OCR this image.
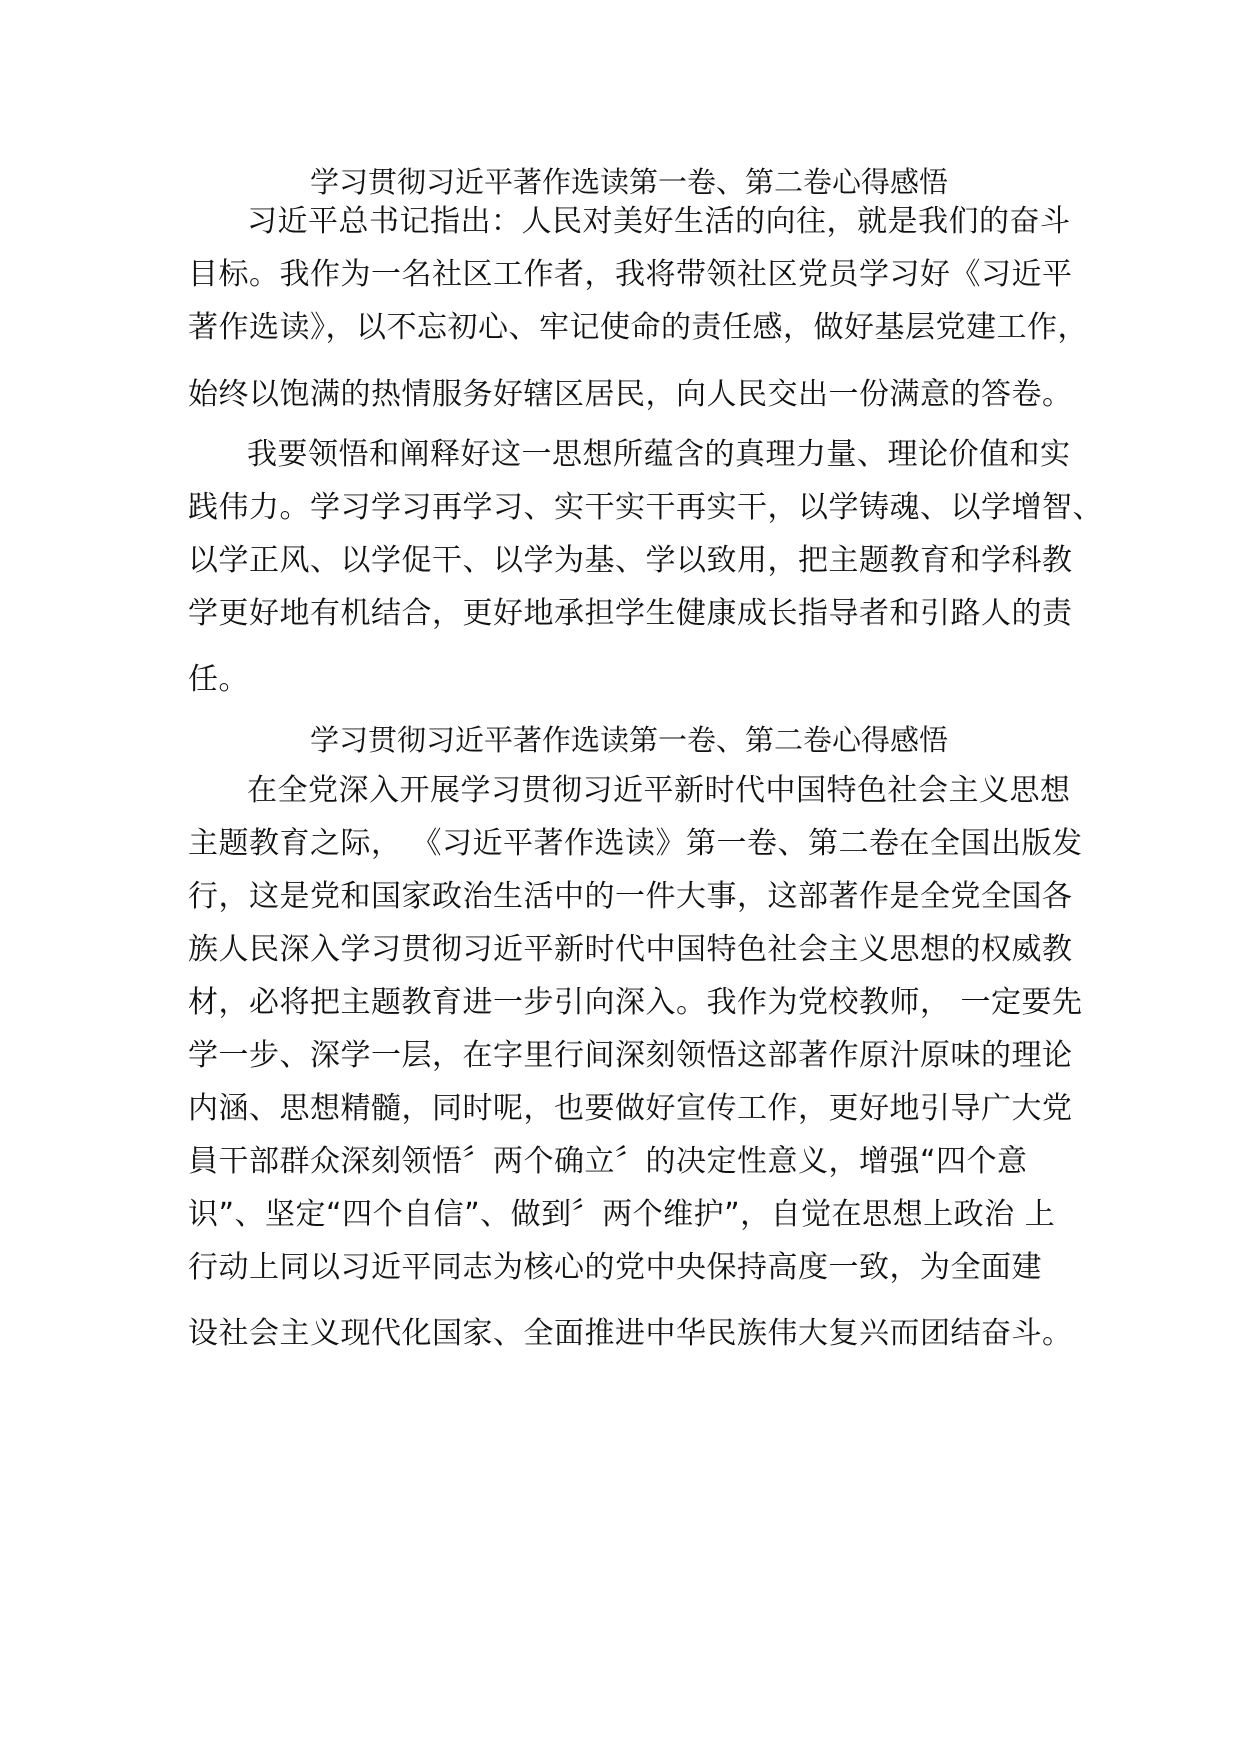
学习贯彻习近平著作选读第一卷、第二卷心得感悟
习近平总书记指出：人民对美好生活的向往，就是我们的奋斗
目标。我作为一名社区工作者，我将带领社区党员学习好《习近平
著作选读》，以不忘初心、牢记使命的责任感，做好基层党建工作，
始终以饱满的热情服务好辖区居民，向人民交出一份满意的答卷。
我要领悟和阐释好这一思想所蕴含的真理力量、理论价值和实
践伟力。学习学习再学习、实干实干再实干，以学铸魂、以学增智、
以学正风、以学促干、以学为基、学以致用，把主题教育和学科教
学更好地有机结合，更好地承担学生健康成长指导者和引路人的责
任。
学习贯彻习近平著作选读第一卷、第二卷心得感悟
在全党深入开展学习贯彻习近平新时代中国特色社会主义思想
主题教育之际， 《习近平著作选读》第一卷、第二卷在全国出版发
行，这是党和国家政治生活中的一件大事，这部著作是全党全国各
族人民深入学习贯彻习近平新时代中国特色社会主义思想的权威教
材，必将把主题教育进一步引向深入。我作为党校教师， 一定要先
学一步、深学一层，在字里行间深刻领悟这部著作原汁原味的理论
内涵、思想精髓，同时呢，也要做好宣传工作，更好地引导广大党
員干部群众深刻领悟〞两个确立〞的决定性意义，增强“四个意
识”、坚定“四个自信”、做到〞两个维护”，自觉在思想上政治 上
行动上同以习近平同志为核心的党中央保持高度一致，为全面建
设社会主义现代化国家、全面推进中华民族伟大复兴而团结奋斗。
